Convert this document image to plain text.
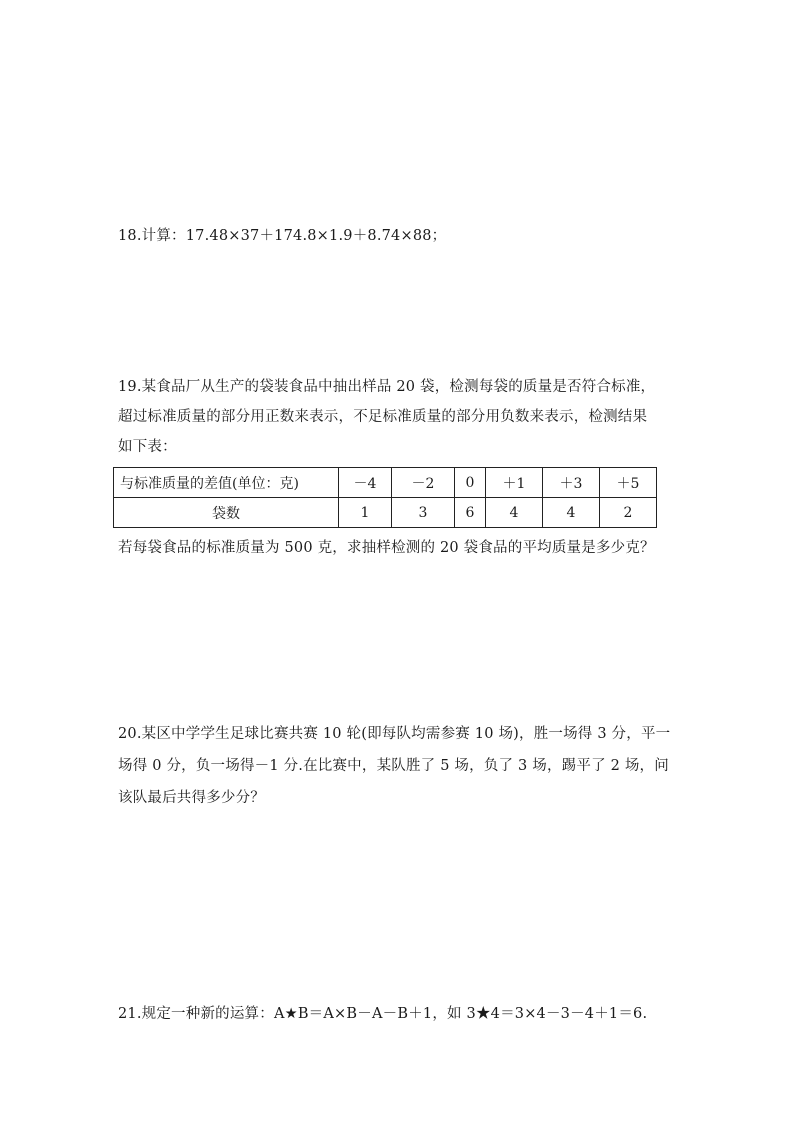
18.计算：17.48×37＋174.8×1.9＋8.74×88；
19.某食品厂从生产的袋装食品中抽出样品 20 袋，检测每袋的质量是否符合标准，
超过标准质量的部分用正数来表示，不足标准质量的部分用负数来表示，检测结果
如下表：
与标准质量的差值(单位：克)	－4	－2	0	＋1	＋3	＋5
袋数	1	3	6	4	4	2
若每袋食品的标准质量为 500 克，求抽样检测的 20 袋食品的平均质量是多少克？
20.某区中学学生足球比赛共赛 10 轮(即每队均需参赛 10 场)，胜一场得 3 分，平一
场得 0 分，负一场得－1 分.在比赛中，某队胜了 5 场，负了 3 场，踢平了 2 场，问
该队最后共得多少分？
21.规定一种新的运算：A★B＝A×B－A－B＋1，如 3★4＝3×4－3－4＋1＝6.
